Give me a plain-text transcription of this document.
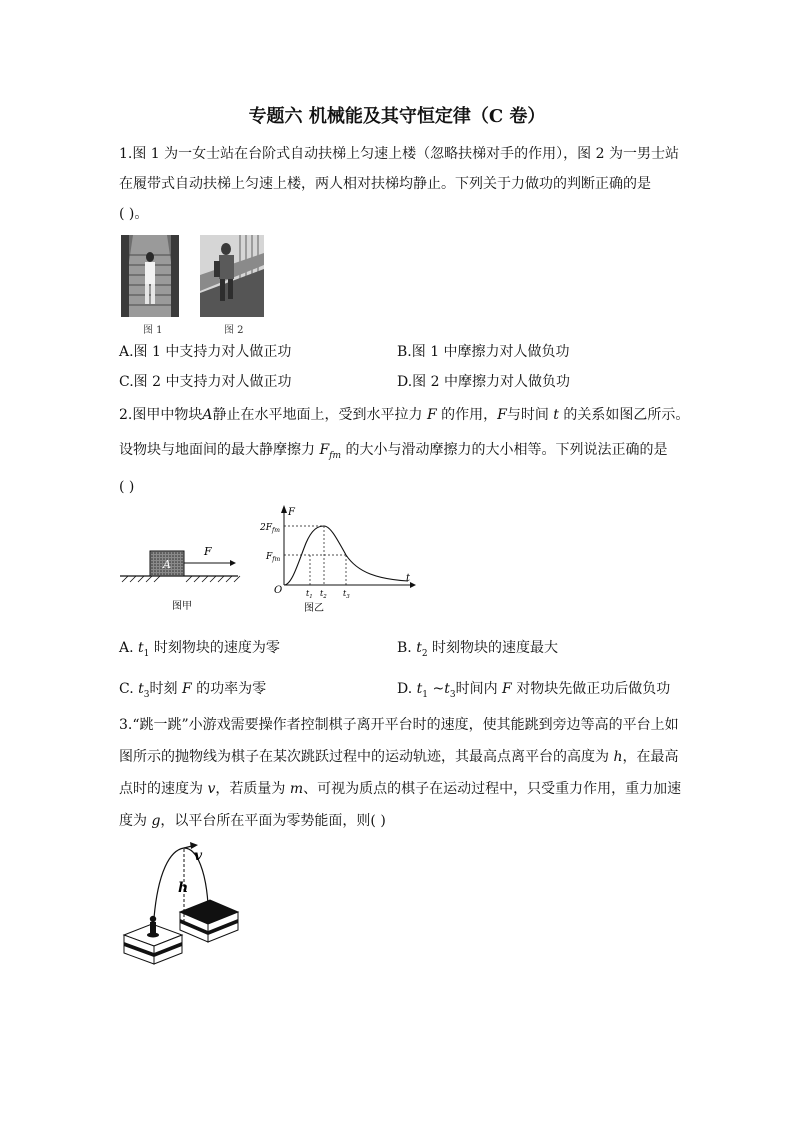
专题六 机械能及其守恒定律（C 卷）
1.图 1 为一女士站在台阶式自动扶梯上匀速上楼（忽略扶梯对手的作用），图 2 为一男士站
在履带式自动扶梯上匀速上楼，两人相对扶梯均静止。下列关于力做功的判断正确的是
( )。
图 1	图 2
A.图 1 中支持力对人做正功	B.图 1 中摩擦力对人做负功
C.图 2 中支持力对人做正功	D.图 2 中摩擦力对人做负功
2.图甲中物块A静止在水平地面上，受到水平拉力 F 的作用，F与时间 t 的关系如图乙所示。
设物块与地面间的最大静摩擦力 $F_{fm}$ 的大小与滑动摩擦力的大小相等。下列说法正确的是
( )
A
F
图甲
F
t
O
$2F_{fm}$
$F_{fm}$
$t_1$ $t_2$ $t_3$
图乙
A. $t_1$ 时刻物块的速度为零	B. $t_2$ 时刻物块的速度最大
C. $t_3$时刻 F 的功率为零	D. $t_1$ $\sim t_3$时间内 F 对物块先做正功后做负功
3.“跳一跳”小游戏需要操作者控制棋子离开平台时的速度，使其能跳到旁边等高的平台上如
图所示的抛物线为棋子在某次跳跃过程中的运动轨迹，其最高点离平台的高度为 h，在最高
点时的速度为 v，若质量为 m、可视为质点的棋子在运动过程中，只受重力作用，重力加速
度为 g，以平台所在平面为零势能面，则( )
v
h
